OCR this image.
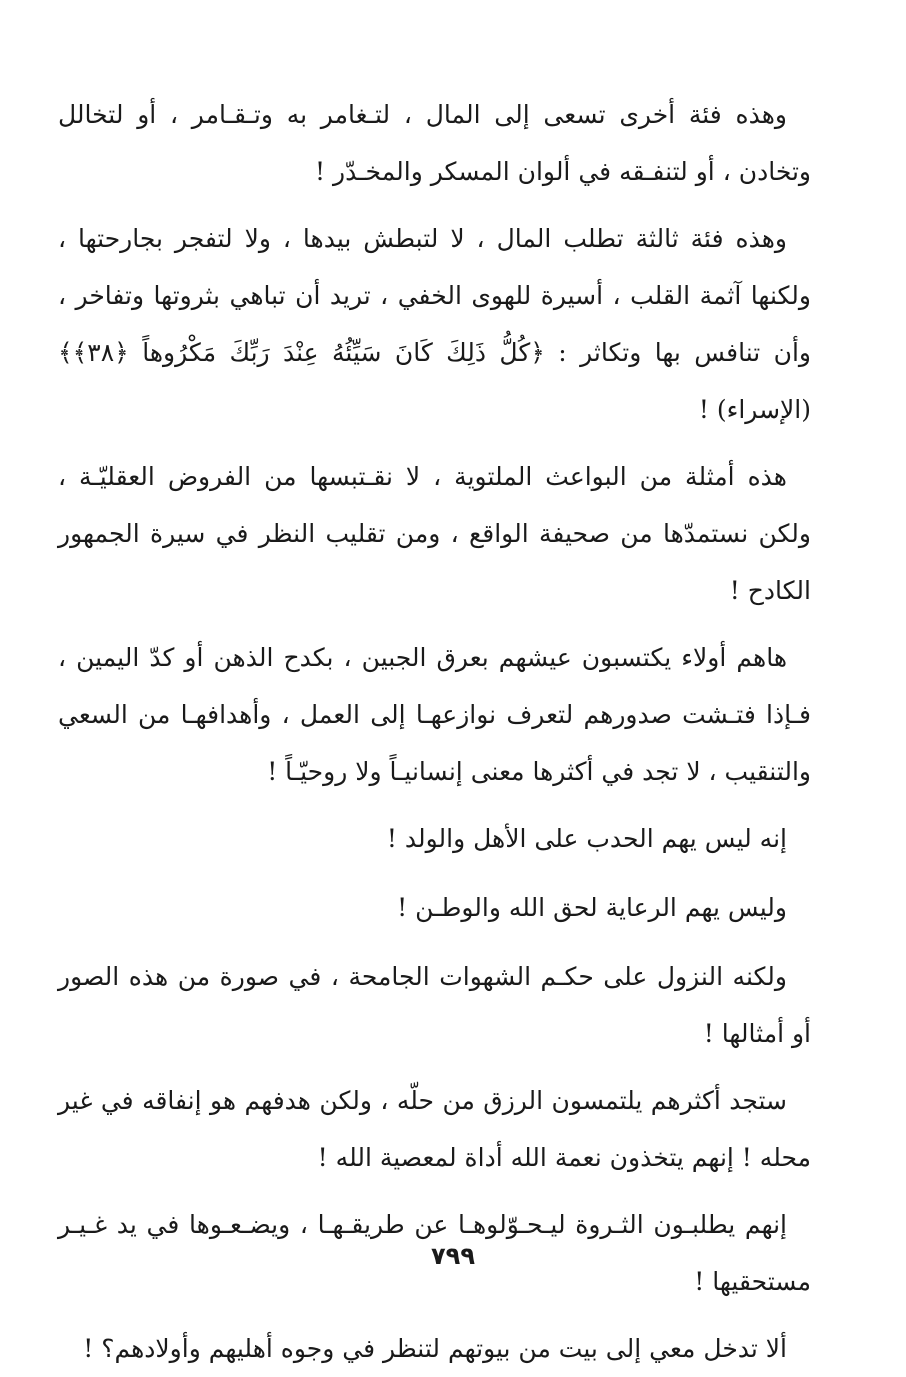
وهذه فئة أخرى تسعى إلى المال ، لتـغامر به وتـقـامر ، أو لتخالل وتخادن ، أو لتنفـقه في ألوان المسكر والمخـدّر !

وهذه فئة ثالثة تطلب المال ، لا لتبطش بيدها ، ولا لتفجر بجارحتها ، ولكنها آثمة القلب ، أسيرة للهوى الخفي ، تريد أن تباهي بثروتها وتفاخر ، وأن تنافس بها وتكاثر : ﴿كُلُّ ذَلِكَ كَانَ سَيِّئُهُ عِنْدَ رَبِّكَ مَكْرُوهاً ﴿٣٨﴾﴾ (الإسراء) !

هذه أمثلة من البواعث الملتوية ، لا نقـتبسها من الفروض العقليّـة ، ولكن نستمدّها من صحيفة الواقع ، ومن تقليب النظر في سيرة الجمهور الكادح !

هاهم أولاء يكتسبون عيشهم بعرق الجبين ، بكدح الذهن أو كدّ اليمين ، فـإذا فتـشت صدورهم لتعرف نوازعهـا إلى العمل ، وأهدافهـا من السعي والتنقيب ، لا تجد في أكثرها معنى إنسانيـاً ولا روحيّـاً !

إنه ليس يهم الحدب على الأهل والولد !

وليس يهم الرعاية لحق الله والوطـن !

ولكنه النزول على حكـم الشهوات الجامحة ، في صورة من هذه الصور أو أمثالها !

ستجد أكثرهم يلتمسون الرزق من حلّه ، ولكن هدفهم هو إنفاقه في غير محله ! إنهم يتخذون نعمة الله أداة لمعصية الله !

إنهم يطلبـون الثـروة ليـحـوّلوهـا عن طريقـهـا ، ويضـعـوها في يد غـيـر مستحقيها !

ألا تدخل معي إلى بيت من بيوتهم لتنظر في وجوه أهليهم وأولادهم؟ !

٧٩٩
